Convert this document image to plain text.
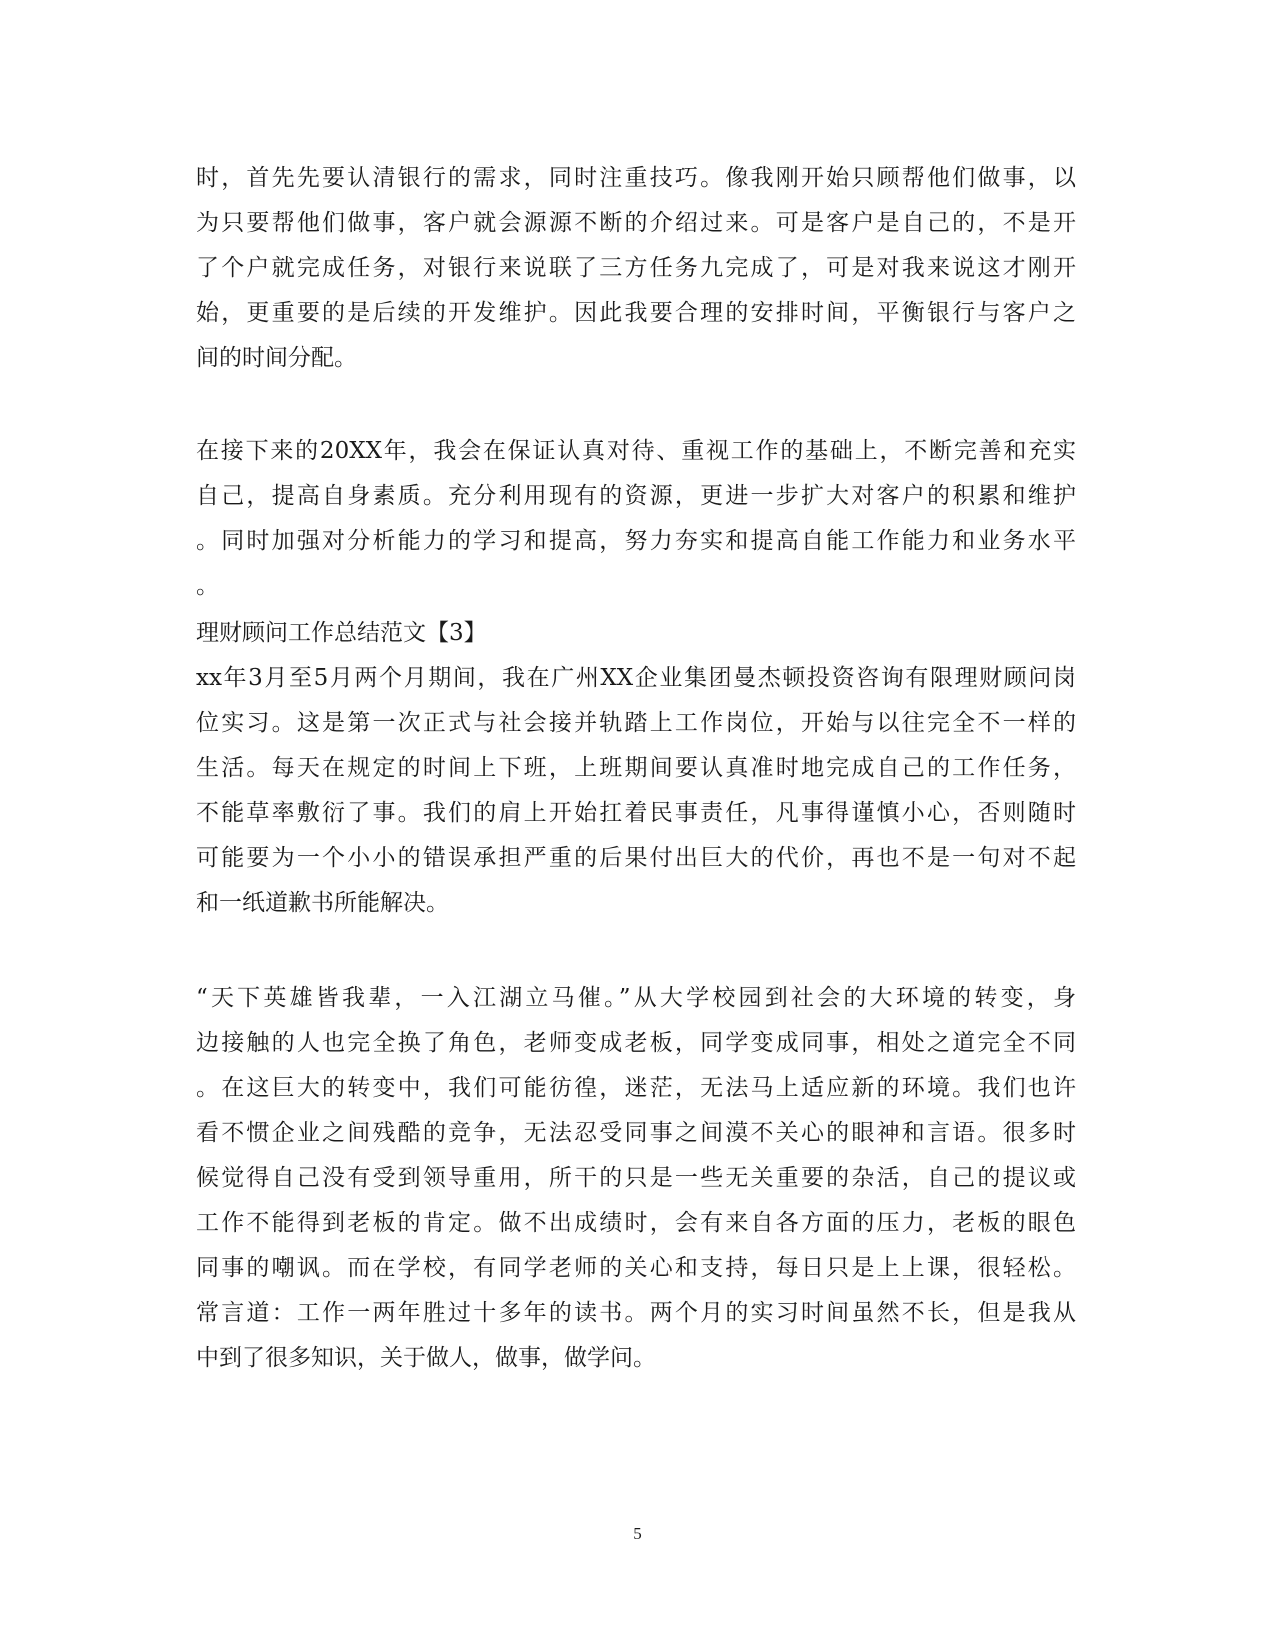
时，首先先要认清银行的需求，同时注重技巧。像我刚开始只顾帮他们做事，以
为只要帮他们做事，客户就会源源不断的介绍过来。可是客户是自己的，不是开
了个户就完成任务，对银行来说联了三方任务九完成了，可是对我来说这才刚开
始，更重要的是后续的开发维护。因此我要合理的安排时间，平衡银行与客户之
间的时间分配。
在接下来的20XX年，我会在保证认真对待、重视工作的基础上，不断完善和充实
自己，提高自身素质。充分利用现有的资源，更进一步扩大对客户的积累和维护
。同时加强对分析能力的学习和提高，努力夯实和提高自能工作能力和业务水平
。
理财顾问工作总结范文【3】
xx年3月至5月两个月期间，我在广州XX企业集团曼杰顿投资咨询有限理财顾问岗
位实习。这是第一次正式与社会接并轨踏上工作岗位，开始与以往完全不一样的
生活。每天在规定的时间上下班，上班期间要认真准时地完成自己的工作任务，
不能草率敷衍了事。我们的肩上开始扛着民事责任，凡事得谨慎小心，否则随时
可能要为一个小小的错误承担严重的后果付出巨大的代价，再也不是一句对不起
和一纸道歉书所能解决。
“天下英雄皆我辈，一入江湖立马催。”从大学校园到社会的大环境的转变，身
边接触的人也完全换了角色，老师变成老板，同学变成同事，相处之道完全不同
。在这巨大的转变中，我们可能彷徨，迷茫，无法马上适应新的环境。我们也许
看不惯企业之间残酷的竞争，无法忍受同事之间漠不关心的眼神和言语。很多时
候觉得自己没有受到领导重用，所干的只是一些无关重要的杂活，自己的提议或
工作不能得到老板的肯定。做不出成绩时，会有来自各方面的压力，老板的眼色
同事的嘲讽。而在学校，有同学老师的关心和支持，每日只是上上课，很轻松。
常言道：工作一两年胜过十多年的读书。两个月的实习时间虽然不长，但是我从
中到了很多知识，关于做人，做事，做学问。
5
